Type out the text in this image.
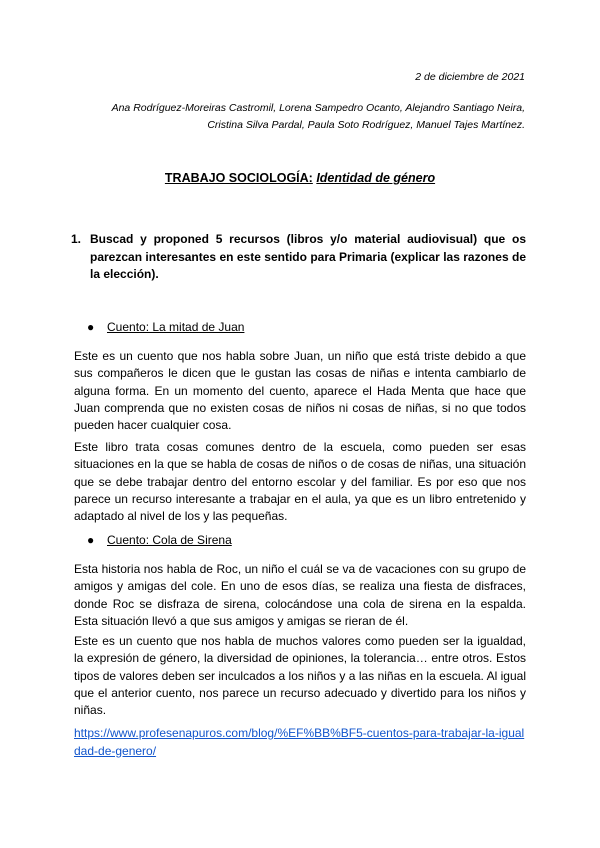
2 de diciembre de 2021
Ana Rodríguez-Moreiras Castromil, Lorena Sampedro Ocanto, Alejandro Santiago Neira,
Cristina Silva Pardal, Paula Soto Rodríguez, Manuel Tajes Martínez.
TRABAJO SOCIOLOGÍA: Identidad de género
1. Buscad y proponed 5 recursos (libros y/o material audiovisual) que os parezcan interesantes en este sentido para Primaria (explicar las razones de la elección).
● Cuento: La mitad de Juan
Este es un cuento que nos habla sobre Juan, un niño que está triste debido a que sus compañeros le dicen que le gustan las cosas de niñas e intenta cambiarlo de alguna forma. En un momento del cuento, aparece el Hada Menta que hace que Juan comprenda que no existen cosas de niños ni cosas de niñas, si no que todos pueden hacer cualquier cosa.
Este libro trata cosas comunes dentro de la escuela, como pueden ser esas situaciones en la que se habla de cosas de niños o de cosas de niñas, una situación que se debe trabajar dentro del entorno escolar y del familiar. Es por eso que nos parece un recurso interesante a trabajar en el aula, ya que es un libro entretenido y adaptado al nivel de los y las pequeñas.
● Cuento: Cola de Sirena
Esta historia nos habla de Roc, un niño el cuál se va de vacaciones con su grupo de amigos y amigas del cole. En uno de esos días, se realiza una fiesta de disfraces, donde Roc se disfraza de sirena, colocándose una cola de sirena en la espalda. Esta situación llevó a que sus amigos y amigas se rieran de él.
Este es un cuento que nos habla de muchos valores como pueden ser la igualdad, la expresión de género, la diversidad de opiniones, la tolerancia… entre otros. Estos tipos de valores deben ser inculcados a los niños y a las niñas en la escuela. Al igual que el anterior cuento, nos parece un recurso adecuado y divertido para los niños y niñas.
https://www.profesenapuros.com/blog/%EF%BB%BF5-cuentos-para-trabajar-la-igual
dad-de-genero/
